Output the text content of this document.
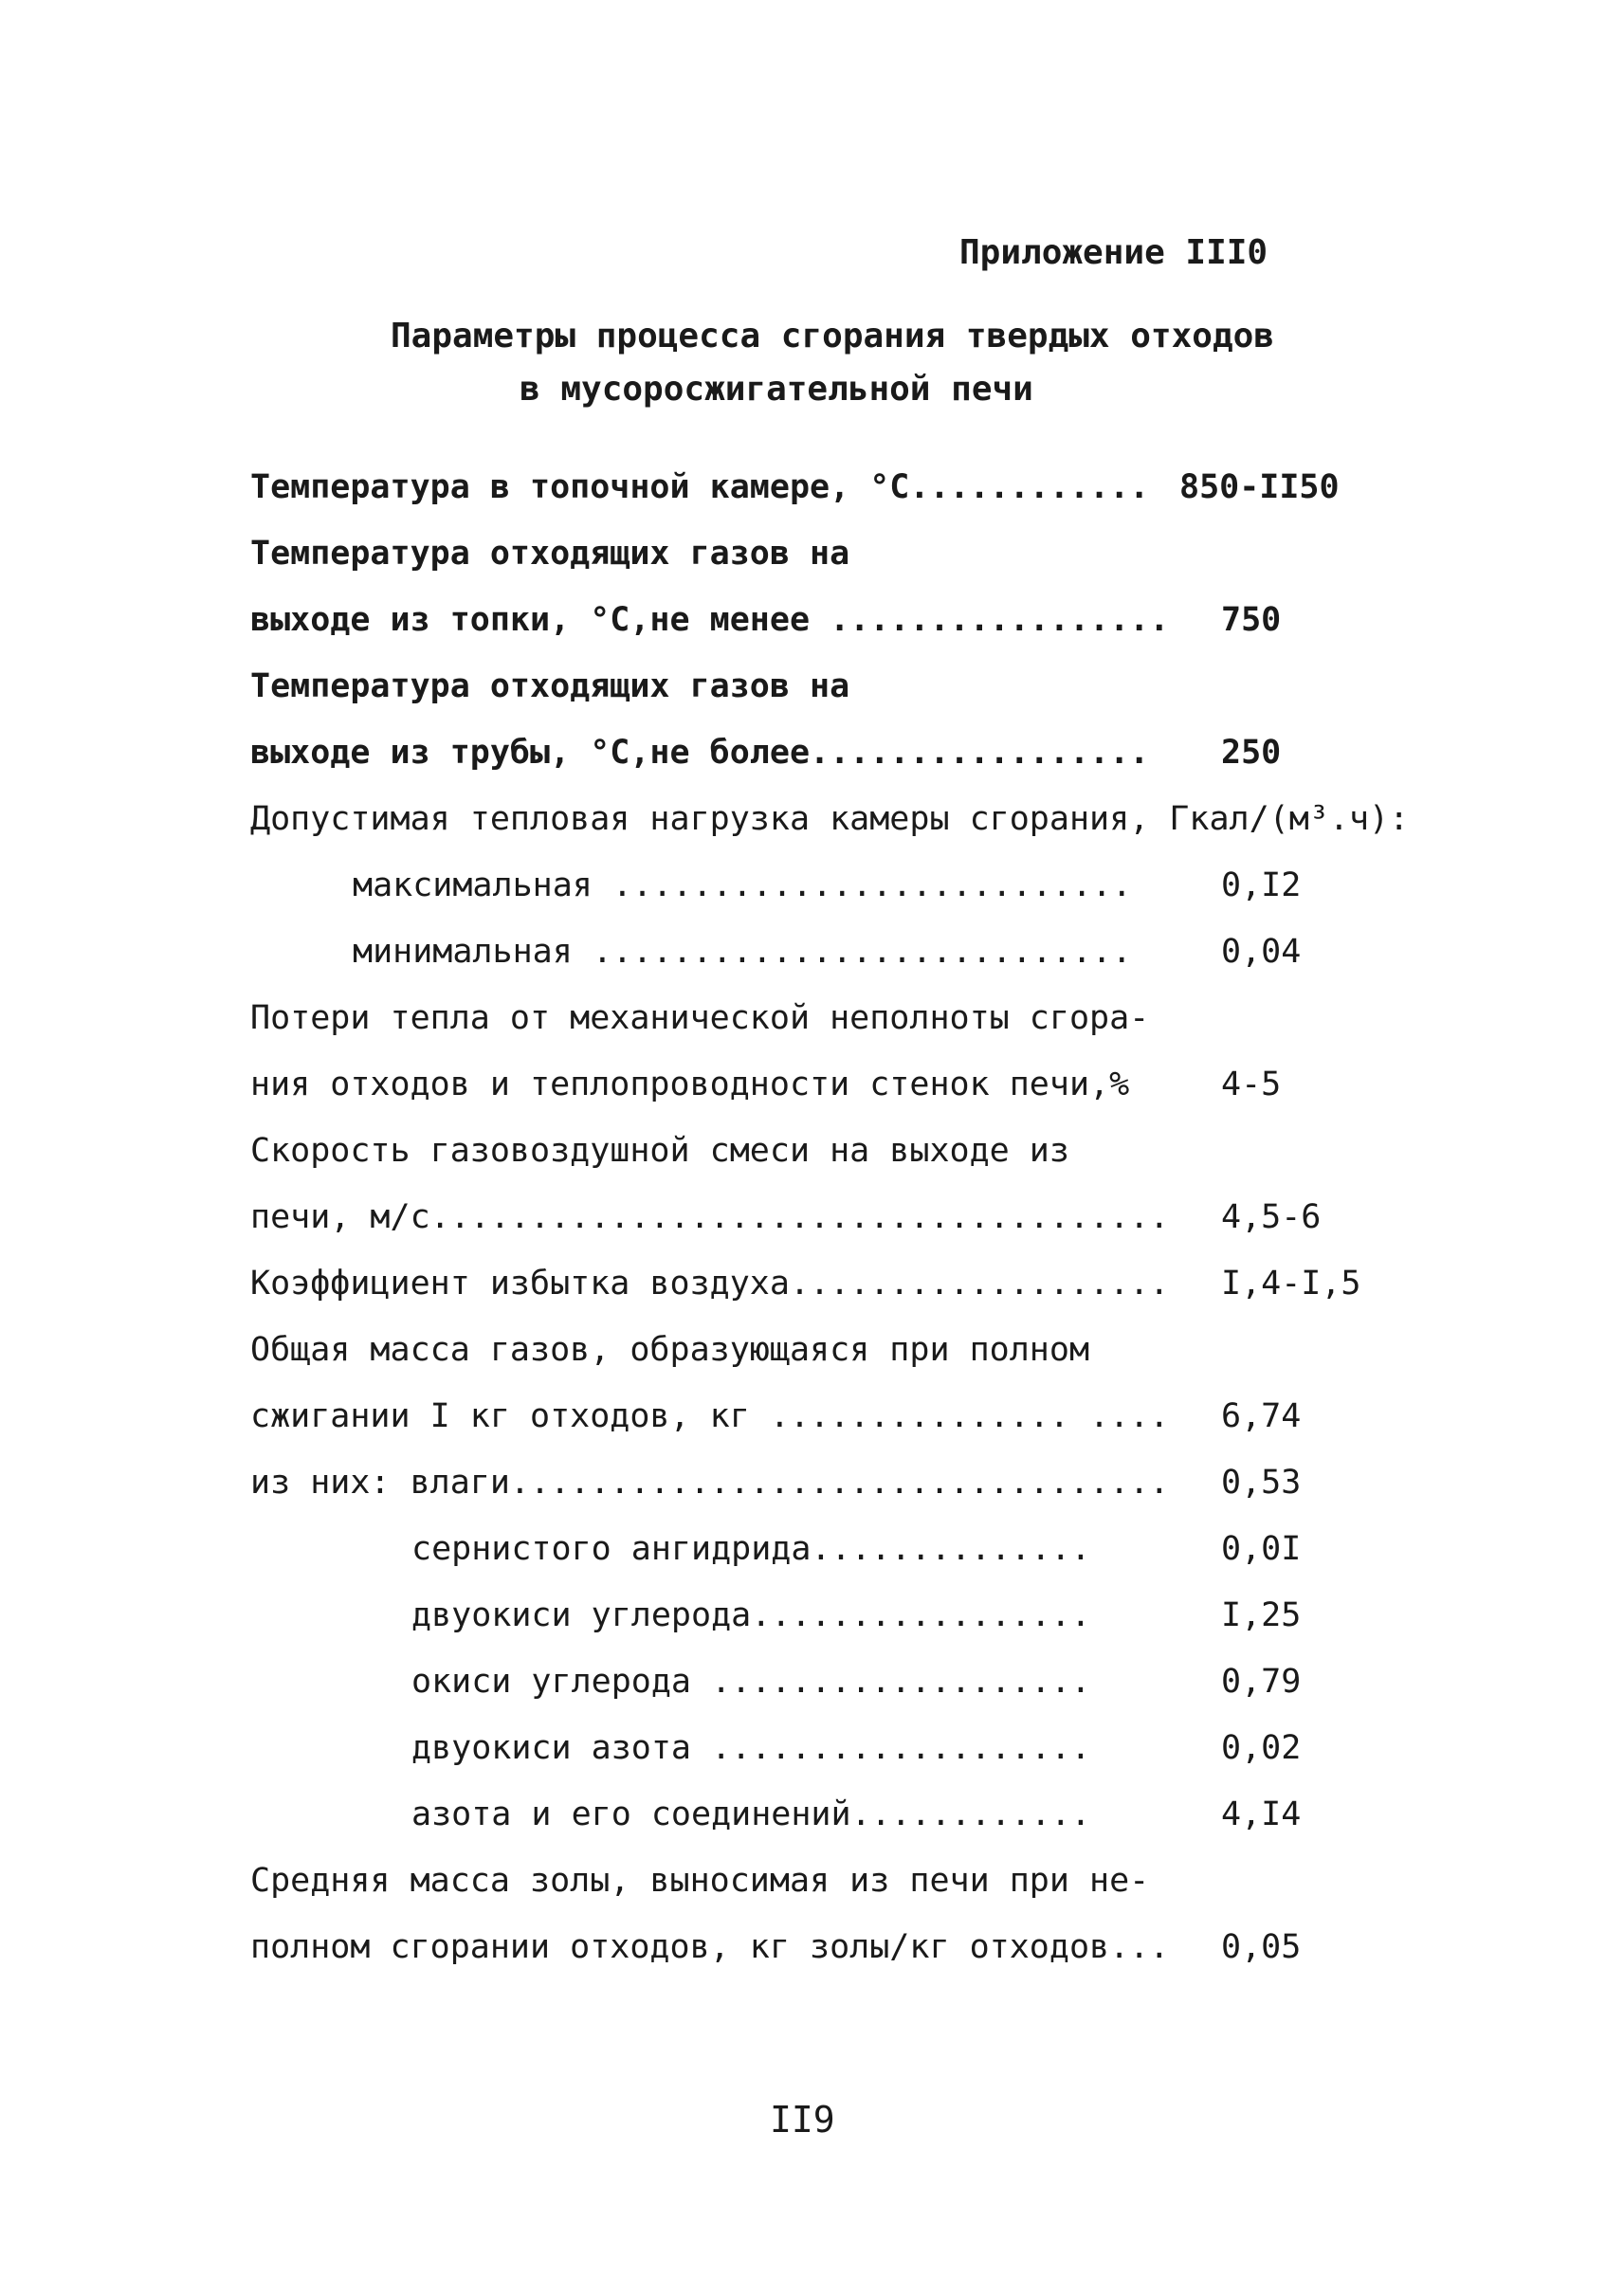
Приложение III0
Параметры процесса сгорания твердых отходов
в мусоросжигательной печи
Температура в топочной камере, °С............ 850-II50
Температура отходящих газов на
выходе из топки, °С,не менее ................. 750
Температура отходящих газов на
выходе из трубы, °С,не более................. 250
Допустимая тепловая нагрузка камеры сгорания, Гкал/(м³.ч):
максимальная ..........................	0,I2
минимальная ...........................	0,04
Потери тепла от механической неполноты сгора-
ния отходов и теплопроводности стенок печи,%	4-5
Скорость газовоздушной смеси на выходе из
печи, м/с..................................... 4,5-6
Коэффициент избытка воздуха................... I,4-I,5
Общая масса газов, образующаяся при полном
сжигании I кг отходов, кг ............... .... 6,74
из них: влаги................................. 0,53
сернистого ангидрида..............	0,0I
двуокиси углерода.................	I,25
окиси углерода ...................	0,79
двуокиси азота ...................	0,02
азота и его соединений............	4,I4
Средняя масса золы, выносимая из печи при не-
полном сгорании отходов, кг золы/кг отходов... 0,05
II9
